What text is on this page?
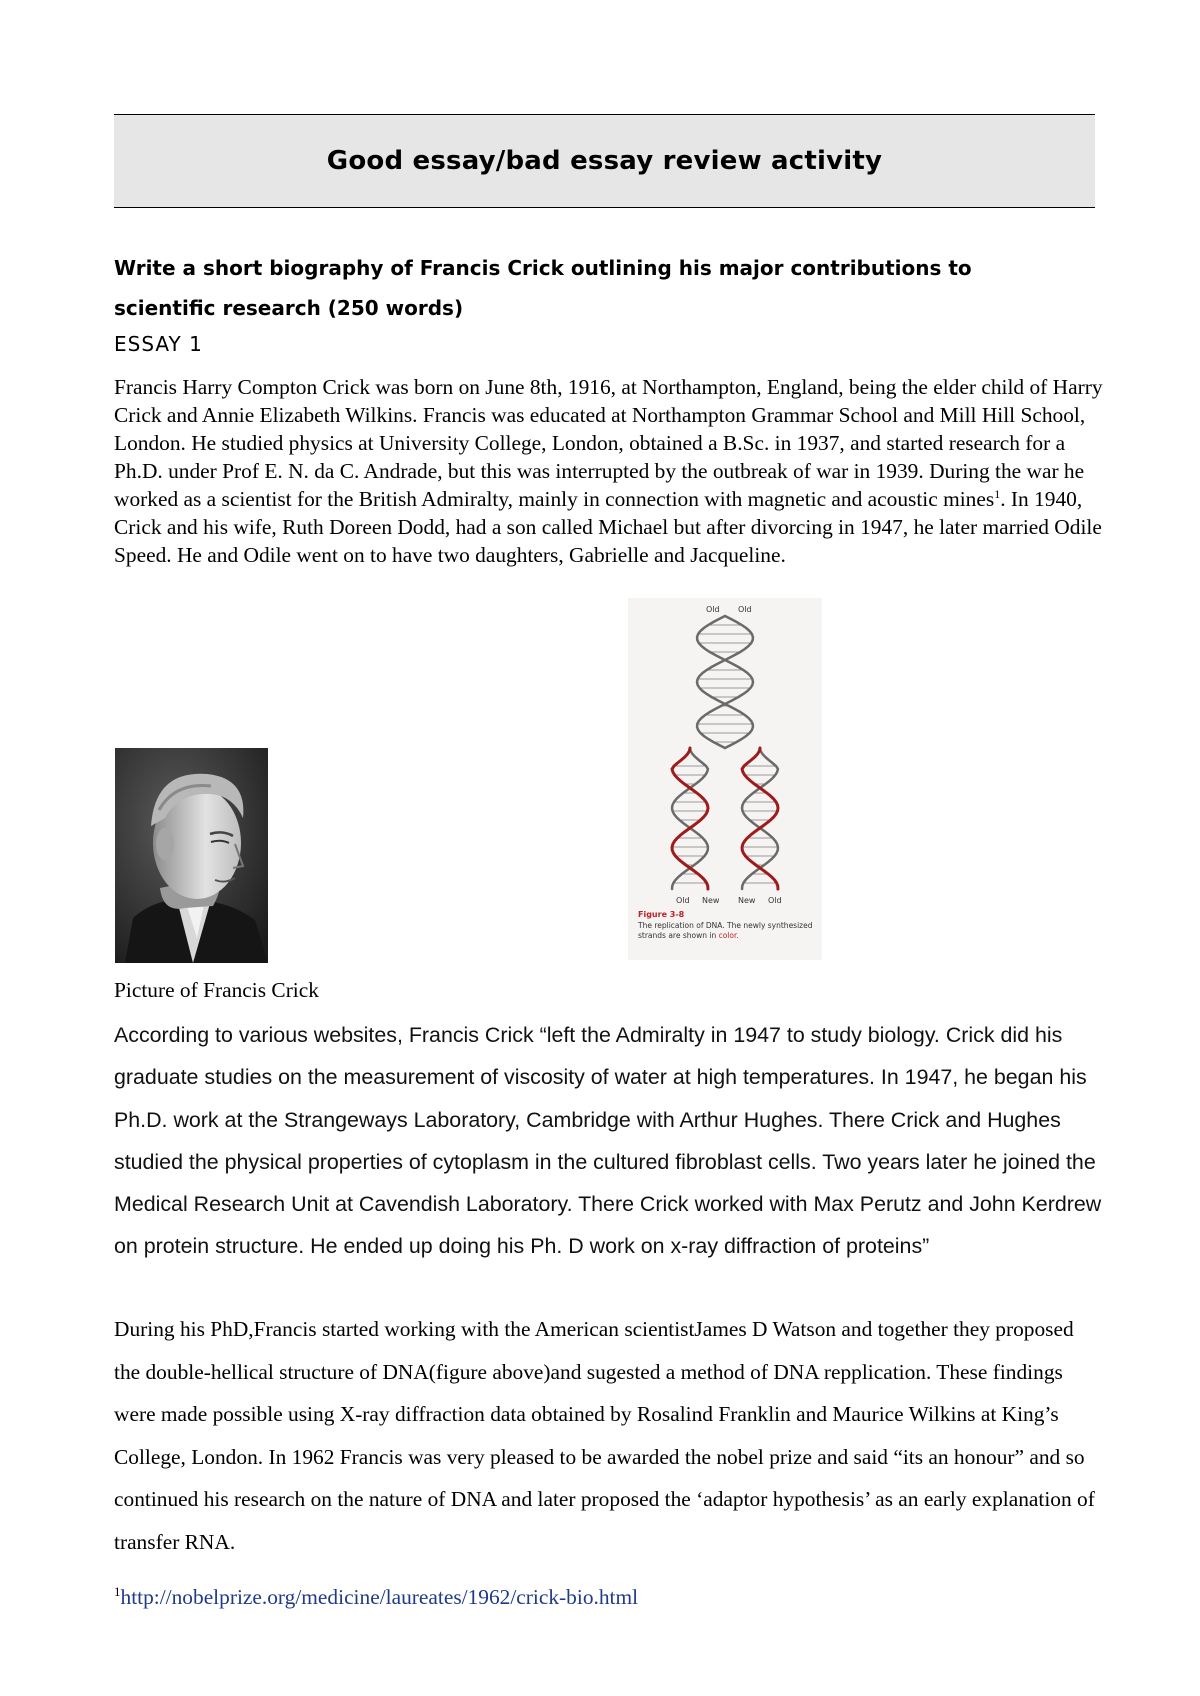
Good essay/bad essay review activity

Write a short biography of Francis Crick outlining his major contributions to
scientific research (250 words)

ESSAY 1

Francis Harry Compton Crick was born on June 8th, 1916, at Northampton, England, being the elder child of Harry Crick and Annie Elizabeth Wilkins. Francis was educated at Northampton Grammar School and Mill Hill School, London. He studied physics at University College, London, obtained a B.Sc. in 1937, and started research for a Ph.D. under Prof E. N. da C. Andrade, but this was interrupted by the outbreak of war in 1939. During the war he worked as a scientist for the British Admiralty, mainly in connection with magnetic and acoustic mines$^1$. In 1940, Crick and his wife, Ruth Doreen Dodd, had a son called Michael but after divorcing in 1947, he later married Odile Speed. He and Odile went on to have two daughters, Gabrielle and Jacqueline.

Old Old
Old New New Old

Figure 3-8

The replication of DNA. The newly synthesized strands are shown in color.

Picture of Francis Crick

According to various websites, Francis Crick “left the Admiralty in 1947 to study biology. Crick did his graduate studies on the measurement of viscosity of water at high temperatures. In 1947, he began his Ph.D. work at the Strangeways Laboratory, Cambridge with Arthur Hughes. There Crick and Hughes studied the physical properties of cytoplasm in the cultured fibroblast cells. Two years later he joined the Medical Research Unit at Cavendish Laboratory. There Crick worked with Max Perutz and John Kerdrew on protein structure. He ended up doing his Ph. D work on x-ray diffraction of proteins”

During his PhD,Francis started working with the American scientistJames D Watson and together they proposed the double-hellical structure of DNA(figure above)and sugested a method of DNA repplication. These findings were made possible using X-ray diffraction data obtained by Rosalind Franklin and Maurice Wilkins at King’s College, London. In 1962 Francis was very pleased to be awarded the nobel prize and said “its an honour” and so continued his research on the nature of DNA and later proposed the ‘adaptor hypothesis’ as an early explanation of transfer RNA.

$^1$http://nobelprize.org/medicine/laureates/1962/crick-bio.html
